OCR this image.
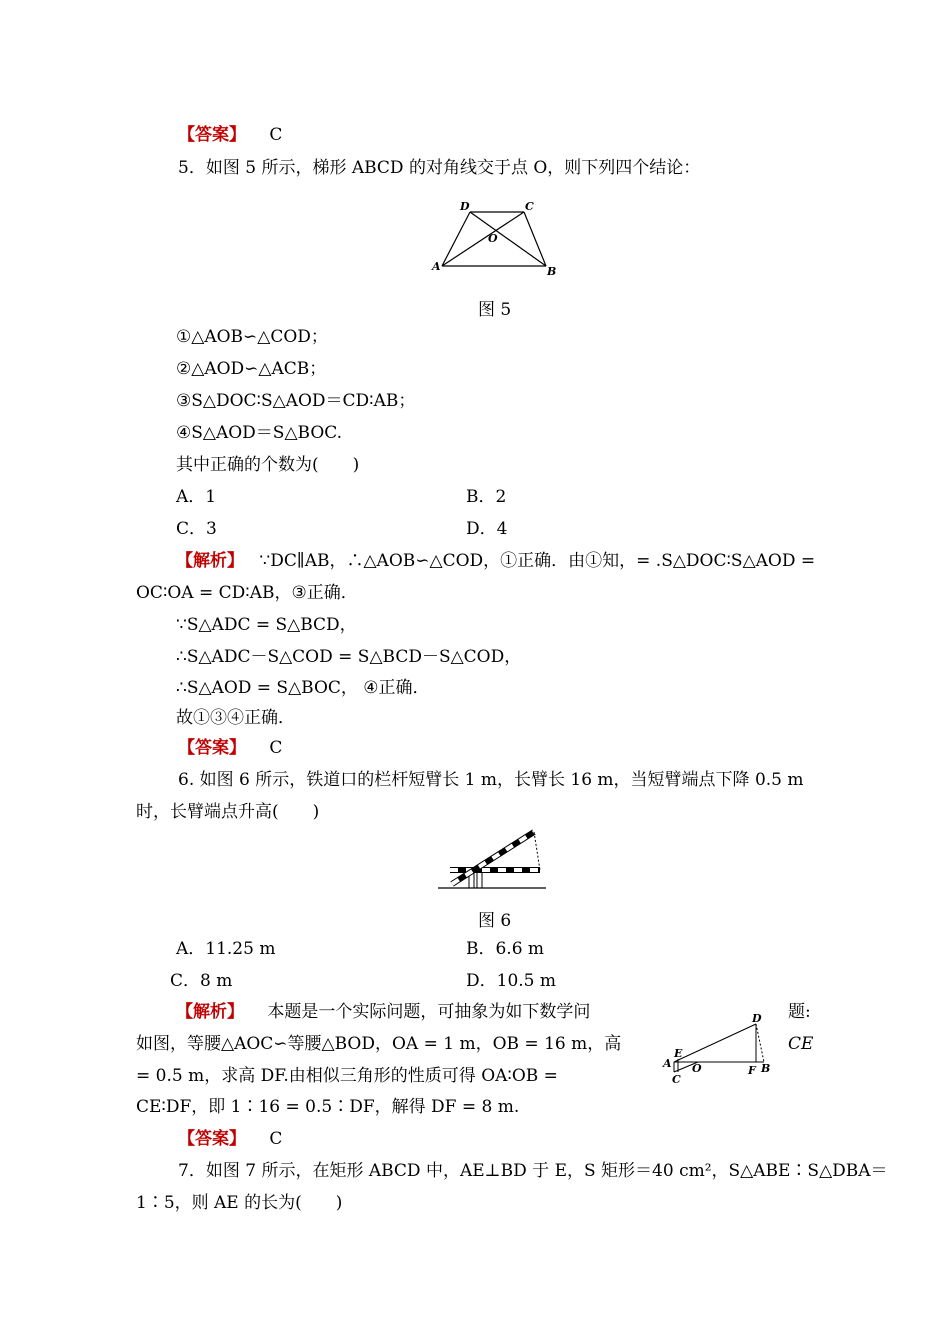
【答案】 C
5．如图 5 所示，梯形 ABCD 的对角线交于点 O，则下列四个结论：
D	C
O
A	B
图 5
①△AOB∽△COD；
②△AOD∽△ACB；
③S△DOC∶S△AOD＝CD∶AB；
④S△AOD＝S△BOC.
其中正确的个数为(　　)
A．1	B．2
C．3	D．4
【解析】 ∵DC∥AB，∴△AOB∽△COD，①正确．由①知，= .S△DOC∶S△AOD =
OC∶OA = CD∶AB，③正确．
∵S△ADC = S△BCD，
∴S△ADC－S△COD = S△BCD－S△COD，
∴S△AOD = S△BOC， ④正确．
故①③④正确．
【答案】 C
6. 如图 6 所示，铁道口的栏杆短臂长 1 m，长臂长 16 m，当短臂端点下降 0.5 m
时，长臂端点升高(　　)
图 6
A．11.25 m	B．6.6 m
C．8 m	D．10.5 m
【解析】 本题是一个实际问题，可抽象为如下数学问	题:
如图，等腰△AOC∽等腰△BOD，OA = 1 m，OB = 16 m，高	CE
= 0.5 m，求高 DF.由相似三角形的性质可得 OA∶OB =
CE∶DF，即 1∶16 = 0.5∶DF，解得 DF = 8 m.
D
E
A O
C
F B
【答案】 C
7．如图 7 所示，在矩形 ABCD 中，AE⊥BD 于 E，S 矩形＝40 cm²，S△ABE∶S△DBA＝
1∶5，则 AE 的长为(　　)
